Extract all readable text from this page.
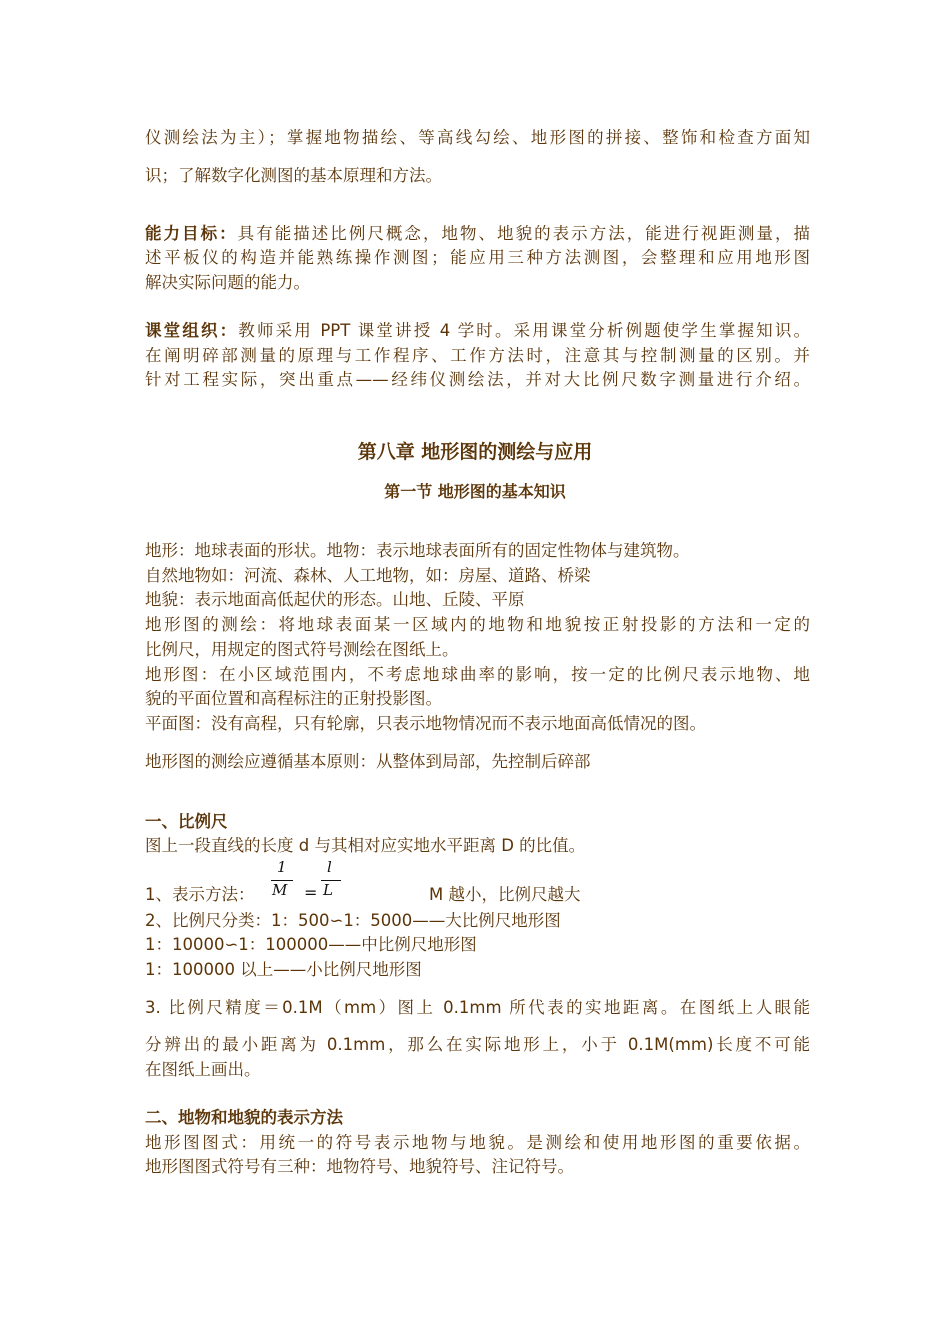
仪测绘法为主）；掌握地物描绘、等高线勾绘、地形图的拼接、整饰和检查方面知
识；了解数字化测图的基本原理和方法。
能力目标：具有能描述比例尺概念，地物、地貌的表示方法，能进行视距测量，描
述平板仪的构造并能熟练操作测图；能应用三种方法测图，会整理和应用地形图
解决实际问题的能力。
课堂组织：教师采用 PPT 课堂讲授 4 学时。采用课堂分析例题使学生掌握知识。
在阐明碎部测量的原理与工作程序、工作方法时，注意其与控制测量的区别。并
针对工程实际，突出重点——经纬仪测绘法，并对大比例尺数字测量进行介绍。
第八章 地形图的测绘与应用
第一节 地形图的基本知识
地形：地球表面的形状。地物：表示地球表面所有的固定性物体与建筑物。
自然地物如：河流、森林、人工地物，如：房屋、道路、桥梁
地貌：表示地面高低起伏的形态。山地、丘陵、平原
地形图的测绘：将地球表面某一区域内的地物和地貌按正射投影的方法和一定的
比例尺，用规定的图式符号测绘在图纸上。
地形图：在小区域范围内，不考虑地球曲率的影响，按一定的比例尺表示地物、地
貌的平面位置和高程标注的正射投影图。
平面图：没有高程，只有轮廓，只表示地物情况而不表示地面高低情况的图。
地形图的测绘应遵循基本原则：从整体到局部，先控制后碎部
一、比例尺
图上一段直线的长度 d 与其相对应实地水平距离 D 的比值。
1、表示方法：
1
M =
l
L	M 越小，比例尺越大
2、比例尺分类：1：500∽1：5000——大比例尺地形图
1：10000∽1：100000——中比例尺地形图
1：100000 以上——小比例尺地形图
3. 比例尺精度＝0.1M（mm）图上 0.1mm 所代表的实地距离。在图纸上人眼能
分辨出的最小距离为 0.1mm，那么在实际地形上，小于 0.1M(mm)长度不可能
在图纸上画出。
二、地物和地貌的表示方法
地形图图式：用统一的符号表示地物与地貌。是测绘和使用地形图的重要依据。
地形图图式符号有三种：地物符号、地貌符号、注记符号。
